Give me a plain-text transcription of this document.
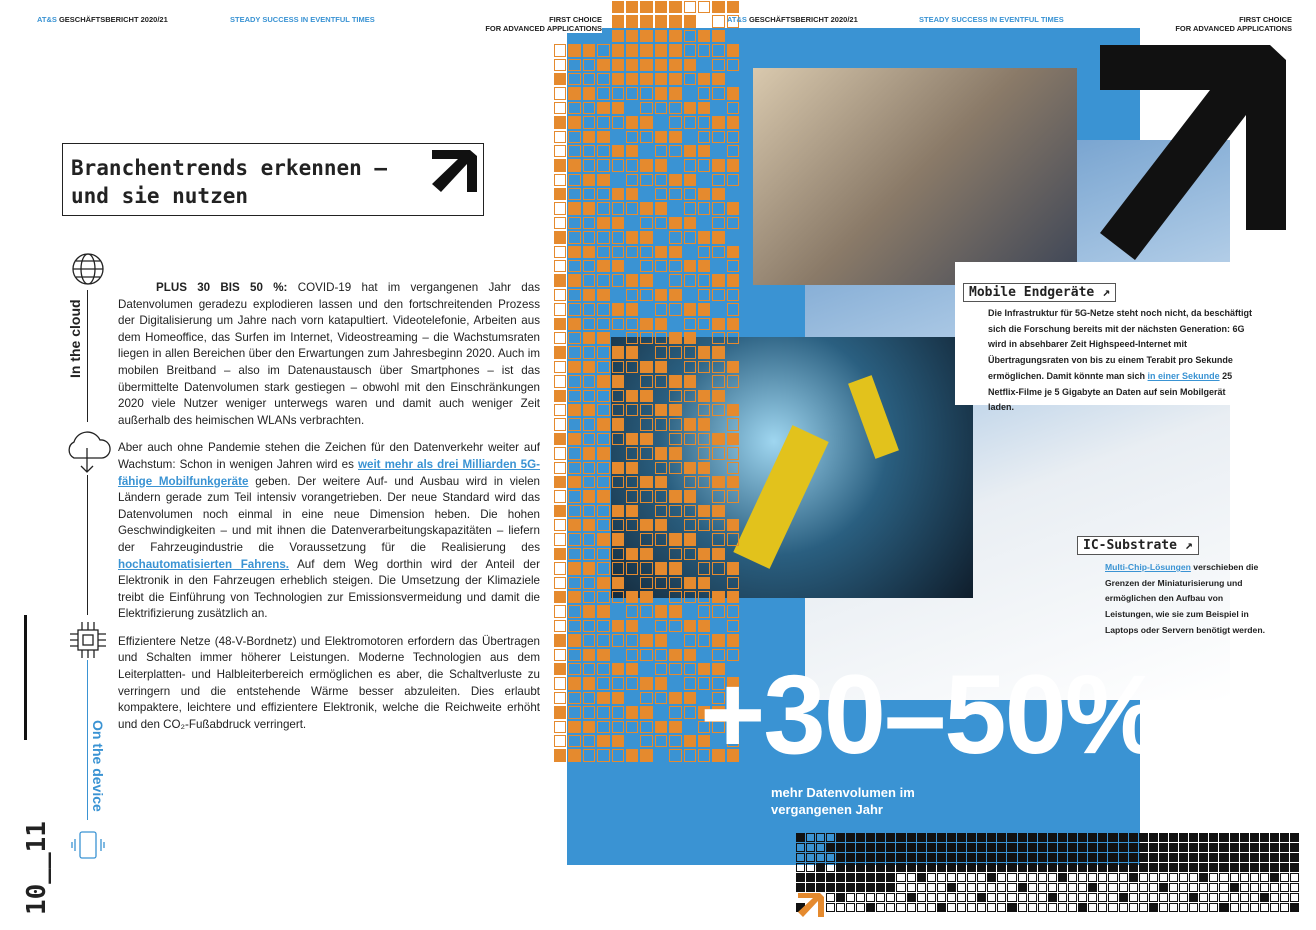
AT&S GESCHÄFTSBERICHT 2020/21	STEADY SUCCESS IN EVENTFUL TIMES	FIRST CHOICE
FOR ADVANCED APPLICATIONS
AT&S GESCHÄFTSBERICHT 2020/21	STEADY SUCCESS IN EVENTFUL TIMES	FIRST CHOICE
FOR ADVANCED APPLICATIONS
Branchentrends erkennen –
und sie nutzen
In the cloud
On the device
10__11

PLUS 30 BIS 50 %: COVID-19 hat im vergangenen Jahr das Datenvolumen geradezu explodieren lassen und den fortschreitenden Prozess der Digitalisierung um Jahre nach vorn katapultiert. Videotelefonie, Arbeiten aus dem Homeoffice, das Surfen im Internet, Videostreaming – die Wachstumsraten liegen in allen Bereichen über den Erwartungen zum Jahresbeginn 2020. Auch im mobilen Breitband – also im Datenaustausch über Smartphones – ist das übermittelte Datenvolumen stark gestiegen – obwohl mit den Einschränkungen 2020 viele Nutzer weniger unterwegs waren und damit auch weniger Zeit außerhalb des heimischen WLANs verbrachten.

Aber auch ohne Pandemie stehen die Zeichen für den Datenverkehr weiter auf Wachstum: Schon in wenigen Jahren wird es weit mehr als drei Milliarden 5G-fähige Mobilfunkgeräte geben. Der weitere Auf- und Ausbau wird in vielen Ländern gerade zum Teil intensiv vorangetrieben. Der neue Standard wird das Datenvolumen noch einmal in eine neue Dimension heben. Die hohen Geschwindigkeiten – und mit ihnen die Datenverarbeitungskapazitäten – liefern der Fahrzeugindustrie die Voraussetzung für die Realisierung des hochautomatisierten Fahrens. Auf dem Weg dorthin wird der Anteil der Elektronik in den Fahrzeugen erheblich steigen. Die Umsetzung der Klimaziele treibt die Einführung von Technologien zur Emissionsvermeidung und damit die Elektrifizierung zusätzlich an.

Effizientere Netze (48-V-Bordnetz) und Elektromotoren erfordern das Übertragen und Schalten immer höherer Leistungen. Moderne Technologien aus dem Leiterplatten- und Halbleiterbereich ermöglichen es aber, die Schaltverluste zu verringern und die entstehende Wärme besser abzuleiten. Dies erlaubt kompaktere, leichtere und effizientere Elektronik, welche die Reichweite erhöht und den CO₂-Fußabdruck verringert.

Mobile Endgeräte ↗
Die Infrastruktur für 5G-Netze steht noch nicht, da beschäftigt sich die Forschung bereits mit der nächsten Generation: 6G wird in absehbarer Zeit Highspeed-Internet mit Übertragungsraten von bis zu einem Terabit pro Sekunde ermöglichen. Damit könnte man sich in einer Sekunde 25 Netflix-Filme je 5 Gigabyte an Daten auf sein Mobilgerät laden.
IC-Substrate ↗
Multi-Chip-Lösungen verschieben die Grenzen der Miniaturisierung und ermöglichen den Aufbau von Leistungen, wie sie zum Beispiel in Laptops oder Servern benötigt werden.
+30–50%
mehr Datenvolumen im
vergangenen Jahr
